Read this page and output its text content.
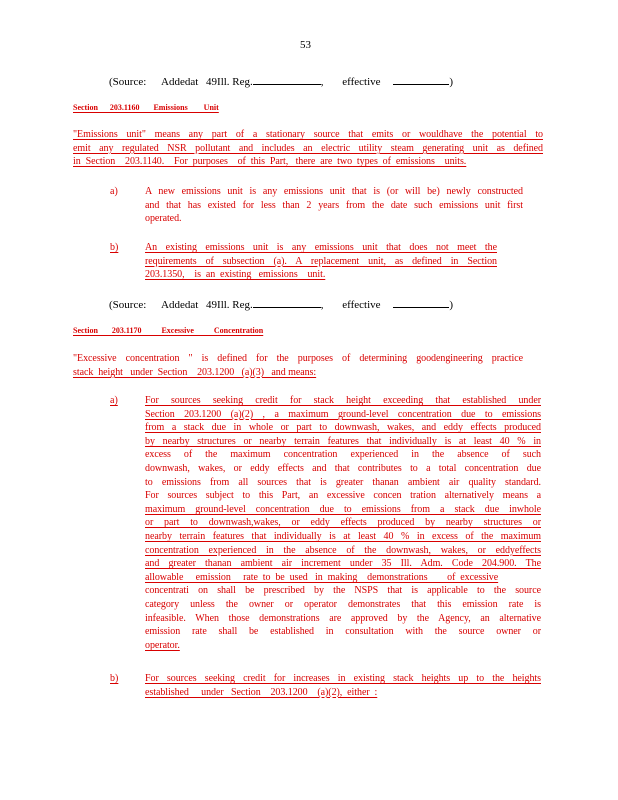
53
(Source: Addedat 49Ill. Reg.	, effective	)
Section      203.1160       Emissions        Unit
"Emissions unit" means any part of a stationary source that emits or wouldhave the potential to
emit any regulated NSR pollutant and includes an electric utility steam generating unit as defined
in  Section    203.1140.    For  purposes    of  this  Part,   there  are  two  types  of  emissions    units.
a)	A new emissions unit is any emissions unit that is (or will be) newly constructed
and that has existed for less than 2 years from the date such emissions unit first
operated.
b)	An existing emissions unit is any emissions unit that does not meet the
requirements of subsection (a). A replacement unit, as defined in Section
203.1350,    is  an  existing   emissions    unit.
(Source: Addedat 49Ill. Reg.	, effective	)
Section       203.1170          Excessive          Concentration
"Excessive concentration " is defined for the purposes of determining goodengineering practice
stack  height   under  Section    203.1200   (a)(3)   and means:
a)	For sources seeking credit for stack height exceeding that established under
Section 203.1200 (a)(2) , a maximum ground-level concentration due to emissions
from a stack due in whole or part to downwash, wakes, and eddy effects produced
by nearby structures or nearby terrain features that individually is at least 40 % in
excess of the maximum concentration experienced in the absence of such
downwash, wakes, or eddy effects and that contributes to a total concentration due
to emissions from all sources that is greater thanan ambient air quality standard.
For sources subject to this Part, an excessive concen tration alternatively means a
maximum ground-level concentration due to emissions from a stack due inwhole
or part to downwash,wakes, or eddy effects produced by nearby structures or
nearby terrain features that individually is at least 40 % in excess of the maximum
concentration experienced in the absence of the downwash, wakes, or eddyeffects
and greater thanan ambient air increment under 35 Ill. Adm. Code 204.900. The
allowable     emission     rate  to  be  used   in  making    demonstrations        of  excessive
concentrati on shall be prescribed by the NSPS that is applicable to the source
category unless the owner or operator demonstrates that this emission rate is
infeasible. When those demonstrations are approved by the Agency, an alternative
emission rate shall be established in consultation with the source owner or
operator.
b)	For sources seeking credit for increases in existing stack heights up to the heights
established     under   Section    203.1200    (a)(2),  either  :
